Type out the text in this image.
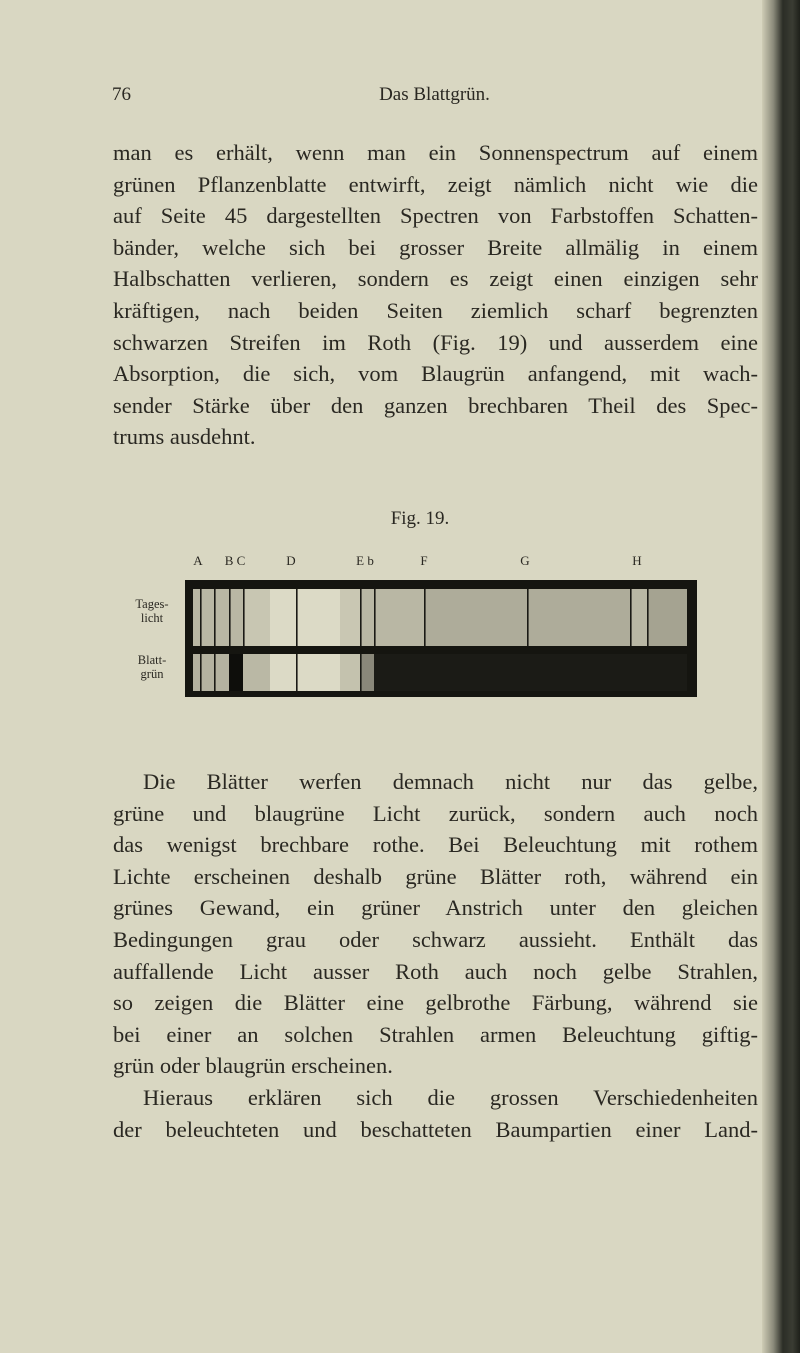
76	Das Blattgrün.
man es erhält, wenn man ein Sonnenspectrum auf einem
grünen Pflanzenblatte entwirft, zeigt nämlich nicht wie die
auf Seite 45 dargestellten Spectren von Farbstoffen Schatten-
bänder, welche sich bei grosser Breite allmälig in einem
Halbschatten verlieren, sondern es zeigt einen einzigen sehr
kräftigen, nach beiden Seiten ziemlich scharf begrenzten
schwarzen Streifen im Roth (Fig. 19) und ausserdem eine
Absorption, die sich, vom Blaugrün anfangend, mit wach-
sender Stärke über den ganzen brechbaren Theil des Spec-
trums ausdehnt.
Fig. 19.
A B C	D	E b	F	G	H
Tages-
licht
Blatt-
grün
Die Blätter werfen demnach nicht nur das gelbe,
grüne und blaugrüne Licht zurück, sondern auch noch
das wenigst brechbare rothe. Bei Beleuchtung mit rothem
Lichte erscheinen deshalb grüne Blätter roth, während ein
grünes Gewand, ein grüner Anstrich unter den gleichen
Bedingungen grau oder schwarz aussieht. Enthält das
auffallende Licht ausser Roth auch noch gelbe Strahlen,
so zeigen die Blätter eine gelbrothe Färbung, während sie
bei einer an solchen Strahlen armen Beleuchtung giftig-
grün oder blaugrün erscheinen.
Hieraus erklären sich die grossen Verschiedenheiten
der beleuchteten und beschatteten Baumpartien einer Land-
